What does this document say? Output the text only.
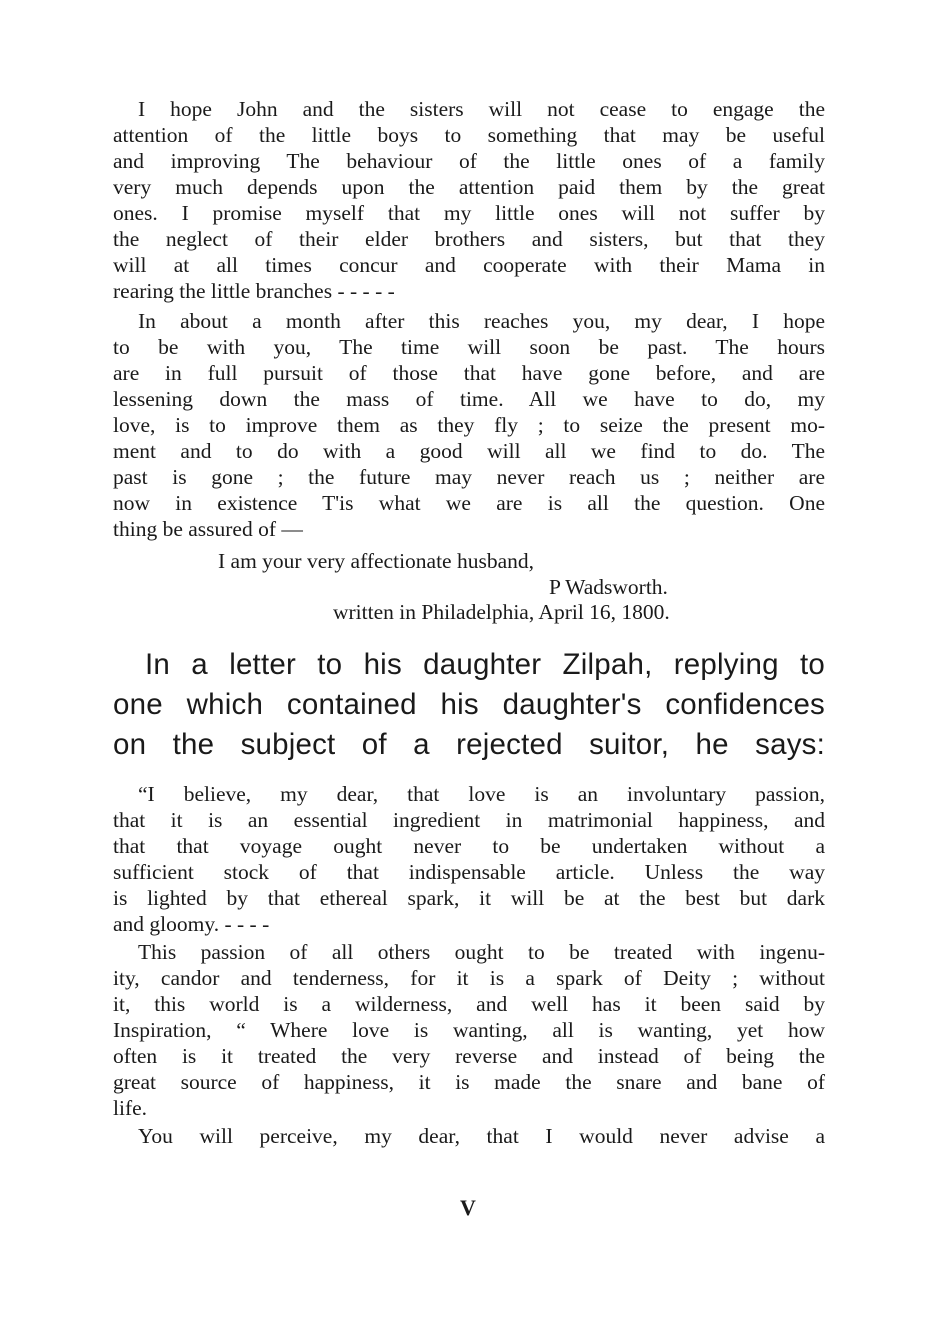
I hope John and the sisters will not cease to engage the
attention of the little boys to something that may be useful
and improving The behaviour of the little ones of a family
very much depends upon the attention paid them by the great
ones. I promise myself that my little ones will not suffer by
the neglect of their elder brothers and sisters, but that they
will at all times concur and cooperate with their Mama in
rearing the little branches - - - - -
In about a month after this reaches you, my dear, I hope
to be with you, The time will soon be past. The hours
are in full pursuit of those that have gone before, and are
lessening down the mass of time. All we have to do, my
love, is to improve them as they fly ; to seize the present mo-
ment and to do with a good will all we find to do. The
past is gone ; the future may never reach us ; neither are
now in existence T'is what we are is all the question. One
thing be assured of —
I am your very affectionate husband,
P Wadsworth.
written in Philadelphia, April 16, 1800.
In a letter to his daughter Zilpah, replying to
one which contained his daughter's confidences
on the subject of a rejected suitor, he says:
“I believe, my dear, that love is an involuntary passion,
that it is an essential ingredient in matrimonial happiness, and
that that voyage ought never to be undertaken without a
sufficient stock of that indispensable article. Unless the way
is lighted by that ethereal spark, it will be at the best but dark
and gloomy. - - - -
This passion of all others ought to be treated with ingenu-
ity, candor and tenderness, for it is a spark of Deity ; without
it, this world is a wilderness, and well has it been said by
Inspiration, “ Where love is wanting, all is wanting, yet how
often is it treated the very reverse and instead of being the
great source of happiness, it is made the snare and bane of
life.
You will perceive, my dear, that I would never advise a
V
